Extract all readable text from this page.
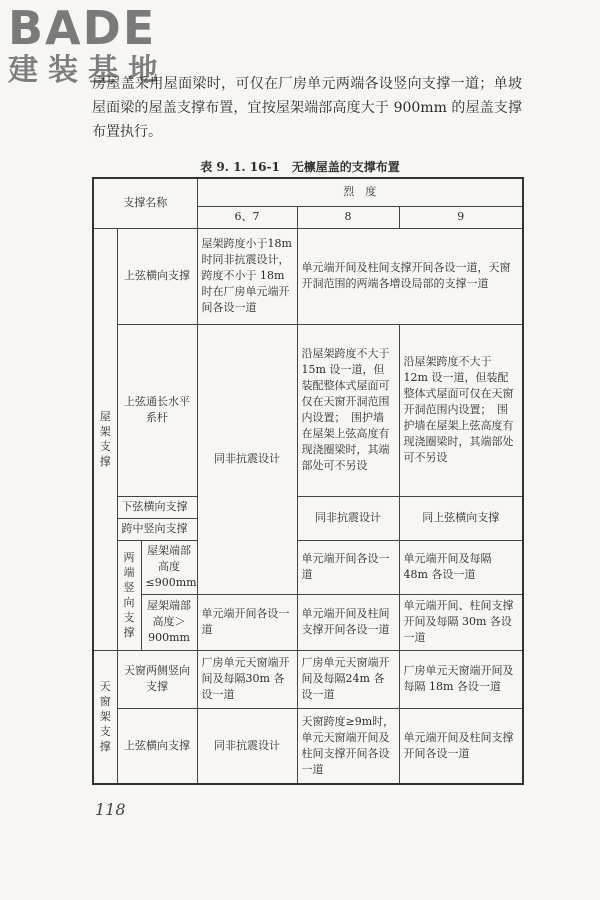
BADE
建装基地
房屋盖采用屋面梁时，可仅在厂房单元两端各设竖向支撑一道；单坡屋面梁的屋盖支撑布置，宜按屋架端部高度大于 900mm 的屋盖支撑布置执行。
表 9. 1. 16-1　无檩屋盖的支撑布置
支撑名称			烈　度		
			6、7	8	9
屋架支撑	上弦横向支撑		屋架跨度小于18m 时同非抗震设计，跨度不小于 18m 时在厂房单元端开间各设一道	单元端开间及柱间支撑开间各设一道，天窗开洞范围的两端各增设局部的支撑一道	
	上弦通长水平系杆		同非抗震设计	沿屋架跨度不大于 15m 设一道，但装配整体式屋面可仅在天窗开洞范围内设置；　围护墙在屋架上弦高度有现浇圈梁时，其端部处可不另设	沿屋架跨度不大于 12m 设一道，但装配整体式屋面可仅在天窗开洞范围内设置；　围护墙在屋架上弦高度有现浇圈梁时，其端部处可不另设
	下弦横向支撑			同非抗震设计	同上弦横向支撑
	跨中竖向支撑				
	两端竖向支撑	屋架端部高度≤900mm		单元端开间各设一道	单元端开间及每隔 48m 各设一道
		屋架端部高度＞900mm	单元端开间各设一道	单元端开间及柱间支撑开间各设一道	单元端开间、柱间支撑开间及每隔 30m 各设一道
天窗架支撑	天窗两侧竖向支撑		厂房单元天窗端开间及每隔30m 各设一道	厂房单元天窗端开间及每隔24m 各设一道	厂房单元天窗端开间及每隔 18m 各设一道
	上弦横向支撑		同非抗震设计	天窗跨度≥9m时，单元天窗端开间及柱间支撑开间各设一道	单元端开间及柱间支撑开间各设一道
118
